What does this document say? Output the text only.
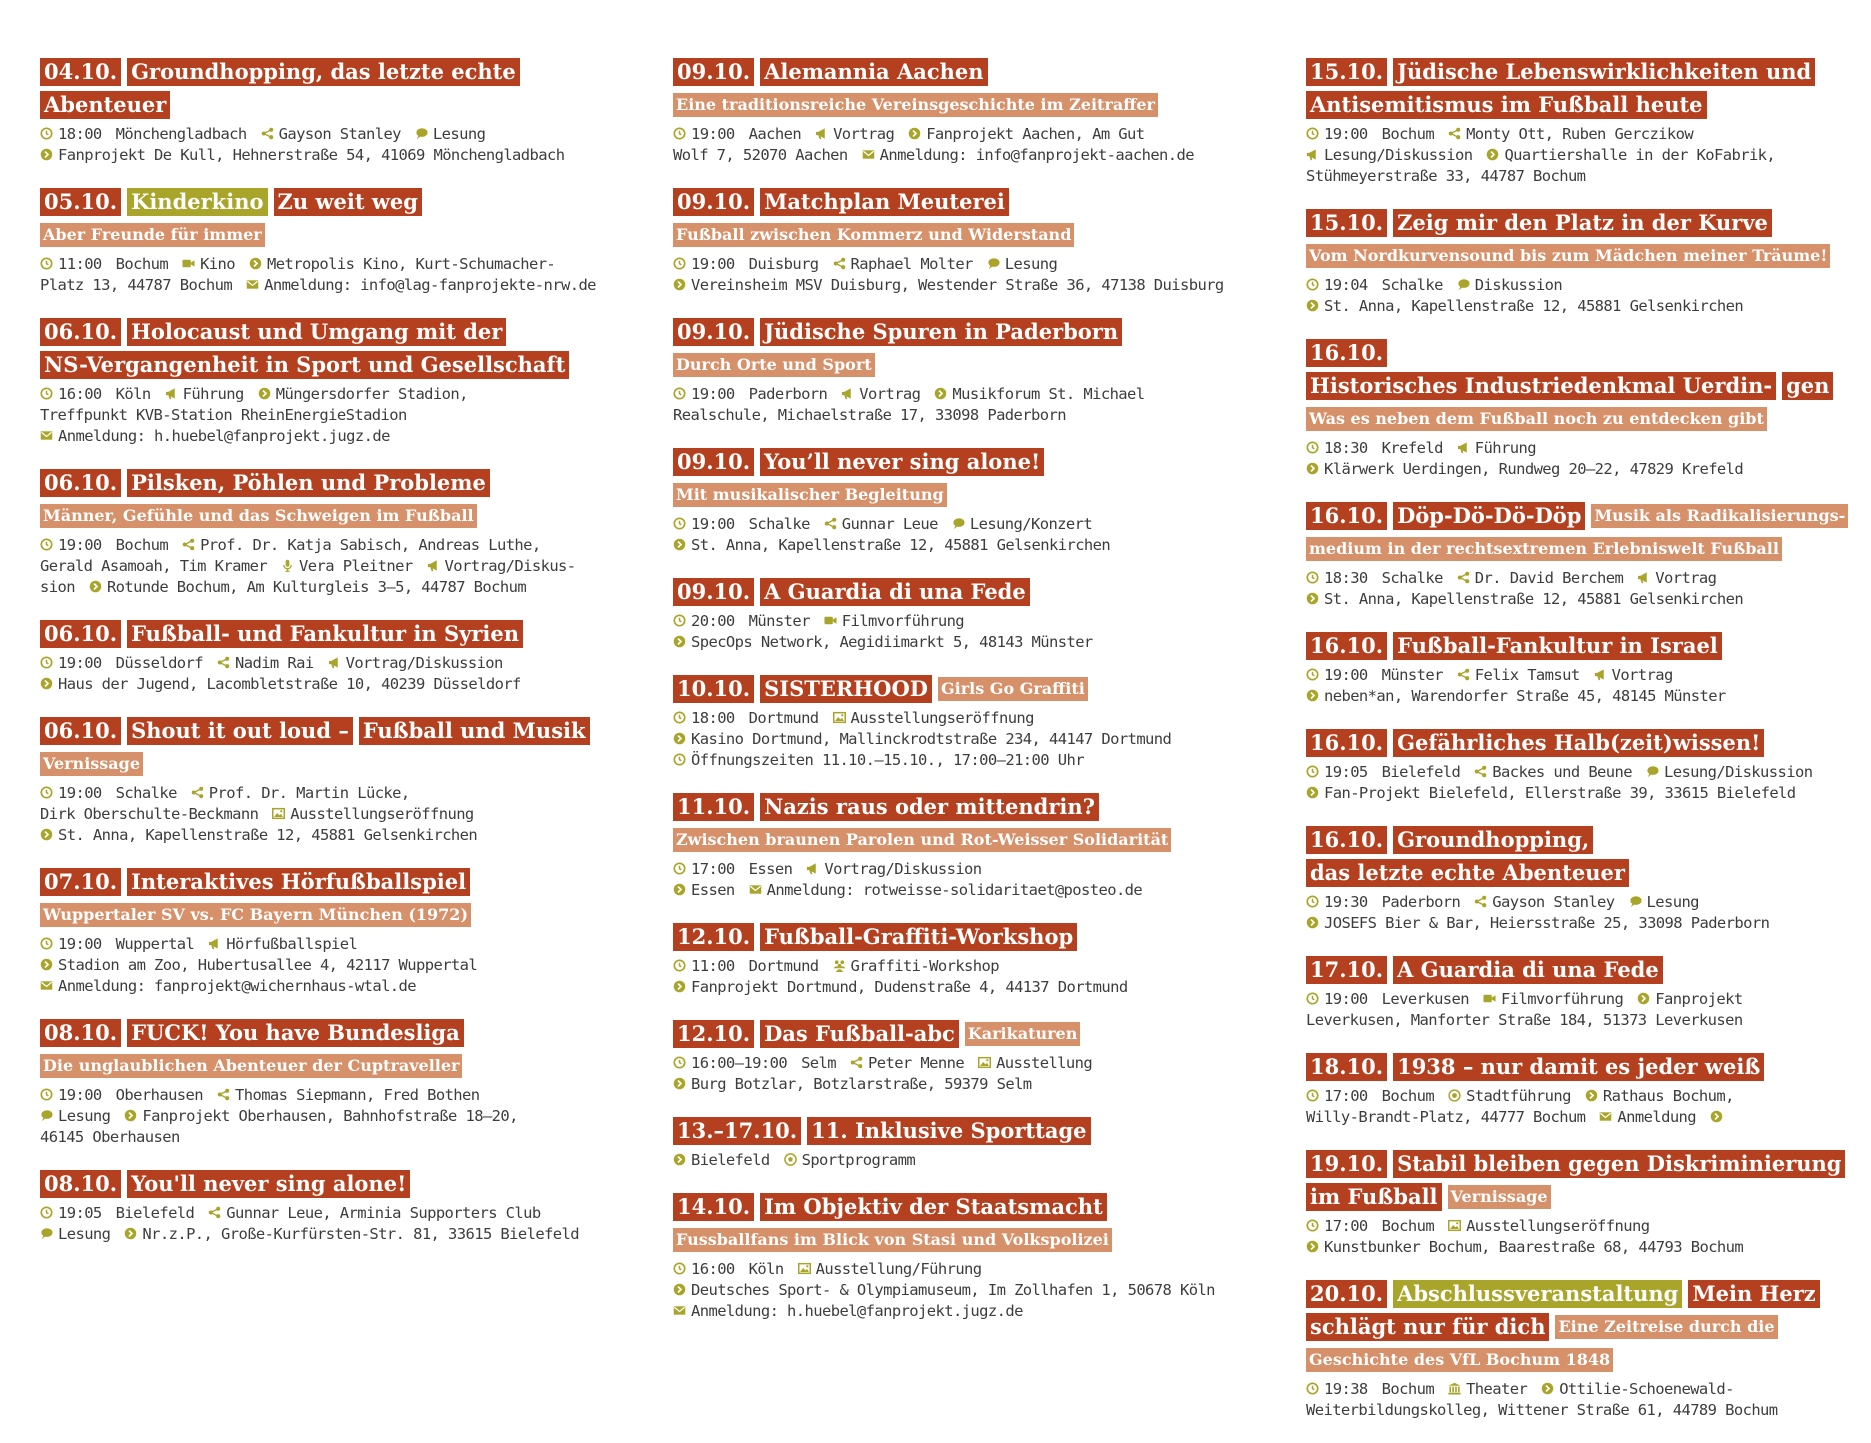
04.10. Groundhopping, das letzte echteAbenteuer
18:00 Mönchengladbach Gayson Stanley Lesung
Fanprojekt De Kull, Hehnerstraße 54, 41069 Mönchengladbach
05.10. Kinderkino Zu weit wegAber Freunde für immer
11:00 Bochum Kino Metropolis Kino, Kurt-Schumacher-
Platz 13, 44787 Bochum Anmeldung: info@lag-fanprojekte-nrw.de
06.10. Holocaust und Umgang mit derNS-Vergangenheit in Sport und Gesellschaft
16:00 Köln Führung Müngersdorfer Stadion,
Treffpunkt KVB-Station RheinEnergieStadion
Anmeldung: h.huebel@fanprojekt.jugz.de
06.10. Pilsken, Pöhlen und ProblemeMänner, Gefühle und das Schweigen im Fußball
19:00 Bochum Prof. Dr. Katja Sabisch, Andreas Luthe,
Gerald Asamoah, Tim Kramer Vera Pleitner Vortrag/Diskus-
sion Rotunde Bochum, Am Kulturgleis 3–5, 44787 Bochum
06.10. Fußball- und Fankultur in Syrien
19:00 Düsseldorf Nadim Rai Vortrag/Diskussion
Haus der Jugend, Lacombletstraße 10, 40239 Düsseldorf
06.10. Shout it out loud – Fußball und MusikVernissage
19:00 Schalke Prof. Dr. Martin Lücke,
Dirk Oberschulte-Beckmann Ausstellungseröffnung
St. Anna, Kapellenstraße 12, 45881 Gelsenkirchen
07.10. Interaktives HörfußballspielWuppertaler SV vs. FC Bayern München (1972)
19:00 Wuppertal Hörfußballspiel
Stadion am Zoo, Hubertusallee 4, 42117 Wuppertal
Anmeldung: fanprojekt@wichernhaus-wtal.de
08.10. FUCK! You have BundesligaDie unglaublichen Abenteuer der Cuptraveller
19:00 Oberhausen Thomas Siepmann, Fred Bothen
Lesung Fanprojekt Oberhausen, Bahnhofstraße 18–20,
46145 Oberhausen
08.10. You'll never sing alone!
19:05 Bielefeld Gunnar Leue, Arminia Supporters Club
Lesung Nr.z.P., Große-Kurfürsten-Str. 81, 33615 Bielefeld
09.10. Alemannia AachenEine traditionsreiche Vereinsgeschichte im Zeitraffer
19:00 Aachen Vortrag Fanprojekt Aachen, Am Gut
Wolf 7, 52070 Aachen Anmeldung: info@fanprojekt-aachen.de
09.10. Matchplan MeutereiFußball zwischen Kommerz und Widerstand
19:00 Duisburg Raphael Molter Lesung
Vereinsheim MSV Duisburg, Westender Straße 36, 47138 Duisburg
09.10. Jüdische Spuren in PaderbornDurch Orte und Sport
19:00 Paderborn Vortrag Musikforum St. Michael
Realschule, Michaelstraße 17, 33098 Paderborn
09.10. You’ll never sing alone!Mit musikalischer Begleitung
19:00 Schalke Gunnar Leue Lesung/Konzert
St. Anna, Kapellenstraße 12, 45881 Gelsenkirchen
09.10. A Guardia di una Fede
20:00 Münster Filmvorführung
SpecOps Network, Aegidiimarkt 5, 48143 Münster
10.10. SISTERHOOD Girls Go Graffiti
18:00 Dortmund Ausstellungseröffnung
Kasino Dortmund, Mallinckrodtstraße 234, 44147 Dortmund
Öffnungszeiten 11.10.–15.10., 17:00–21:00 Uhr
11.10. Nazis raus oder mittendrin?Zwischen braunen Parolen und Rot-Weisser Solidarität
17:00 Essen Vortrag/Diskussion
Essen Anmeldung: rotweisse-solidaritaet@posteo.de
12.10. Fußball-Graffiti-Workshop
11:00 Dortmund Graffiti-Workshop
Fanprojekt Dortmund, Dudenstraße 4, 44137 Dortmund
12.10. Das Fußball-abc Karikaturen
16:00–19:00 Selm Peter Menne Ausstellung
Burg Botzlar, Botzlarstraße, 59379 Selm
13.–17.10. 11. Inklusive Sporttage
Bielefeld Sportprogramm
14.10. Im Objektiv der StaatsmachtFussballfans im Blick von Stasi und Volkspolizei
16:00 Köln Ausstellung/Führung
Deutsches Sport- & Olympiamuseum, Im Zollhafen 1, 50678 Köln
Anmeldung: h.huebel@fanprojekt.jugz.de
15.10. Jüdische Lebenswirklichkeiten undAntisemitismus im Fußball heute
19:00 Bochum Monty Ott, Ruben Gerczikow
Lesung/Diskussion Quartiershalle in der KoFabrik,
Stühmeyerstraße 33, 44787 Bochum
15.10. Zeig mir den Platz in der KurveVom Nordkurvensound bis zum Mädchen meiner Träume!
19:04 Schalke Diskussion
St. Anna, Kapellenstraße 12, 45881 Gelsenkirchen
16.10.Historisches Industriedenkmal Uerdin- genWas es neben dem Fußball noch zu entdecken gibt
18:30 Krefeld Führung
Klärwerk Uerdingen, Rundweg 20–22, 47829 Krefeld
16.10. Döp-Dö-Dö-Döp Musik als Radikalisierungs-medium in der rechtsextremen Erlebniswelt Fußball
18:30 Schalke Dr. David Berchem Vortrag
St. Anna, Kapellenstraße 12, 45881 Gelsenkirchen
16.10. Fußball-Fankultur in Israel
19:00 Münster Felix Tamsut Vortrag
neben*an, Warendorfer Straße 45, 48145 Münster
16.10. Gefährliches Halb(zeit)wissen!
19:05 Bielefeld Backes und Beune Lesung/Diskussion
Fan-Projekt Bielefeld, Ellerstraße 39, 33615 Bielefeld
16.10. Groundhopping,das letzte echte Abenteuer
19:30 Paderborn Gayson Stanley Lesung
JOSEFS Bier & Bar, Heiersstraße 25, 33098 Paderborn
17.10. A Guardia di una Fede
19:00 Leverkusen Filmvorführung Fanprojekt
Leverkusen, Manforter Straße 184, 51373 Leverkusen
18.10. 1938 – nur damit es jeder weiß
17:00 Bochum Stadtführung Rathaus Bochum,
Willy-Brandt-Platz, 44777 Bochum Anmeldung
19.10. Stabil bleiben gegen Diskriminierungim Fußball Vernissage
17:00 Bochum Ausstellungseröffnung
Kunstbunker Bochum, Baarestraße 68, 44793 Bochum
20.10. Abschlussveranstaltung Mein Herzschlägt nur für dich Eine Zeitreise durch dieGeschichte des VfL Bochum 1848
19:38 Bochum Theater Ottilie-Schoenewald-
Weiterbildungskolleg, Wittener Straße 61, 44789 Bochum
